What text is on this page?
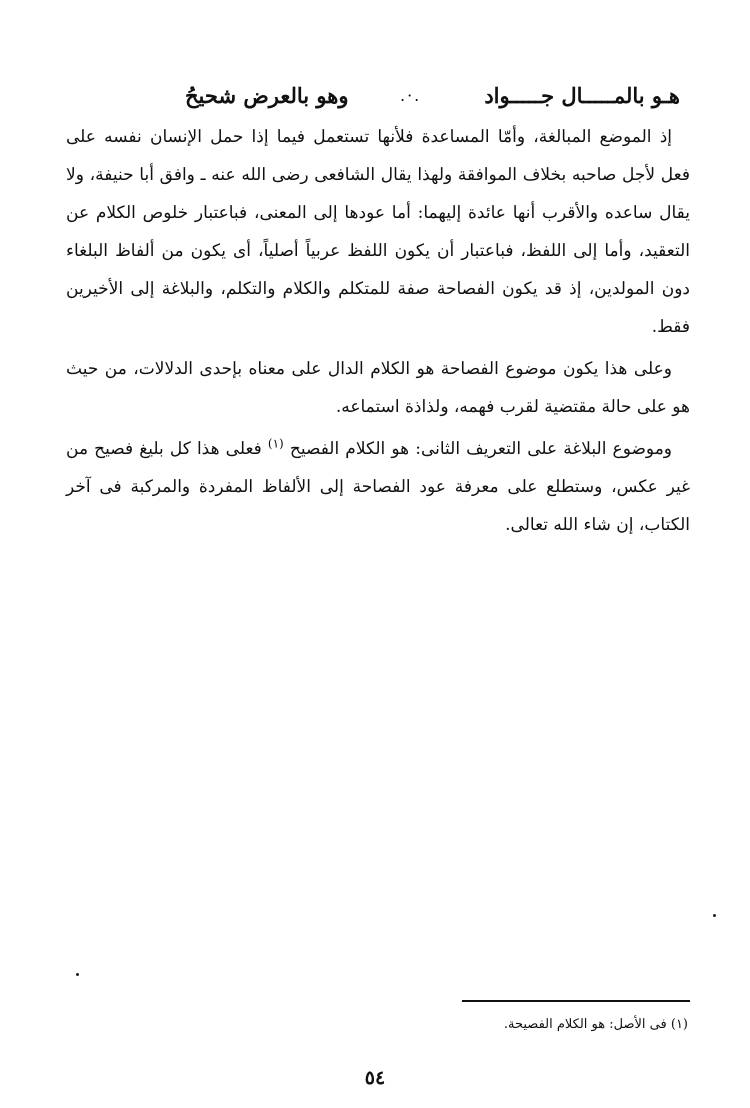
هـو بالمـــــال جـــــواد
.·.
وهو بالعرض شحيحُ

إذ الموضع المبالغة، وأمّا المساعدة فلأنها تستعمل فيما إذا حمل الإنسان نفسه على فعل لأجل صاحبه بخلاف الموافقة ولهذا يقال الشافعى رضى الله عنه ـ وافق أبا حنيفة، ولا يقال ساعده والأقرب أنها عائدة إليهما: أما عودها إلى المعنى، فباعتبار خلوص الكلام عن التعقيد، وأما إلى اللفظ، فباعتبار أن يكون اللفظ عربياً أصلياً، أى يكون من ألفاظ البلغاء دون المولدين، إذ قد يكون الفصاحة صفة للمتكلم والكلام والتكلم، والبلاغة إلى الأخيرين فقط.

وعلى هذا يكون موضوع الفصاحة هو الكلام الدال على معناه بإحدى الدلالات، من حيث هو على حالة مقتضية لقرب فهمه، ولذاذة استماعه.

وموضوع البلاغة على التعريف الثانى: هو الكلام الفصيح $^{(١)}$ فعلى هذا كل بليغ فصيح من غير عكس، وستطلع على معرفة عود الفصاحة إلى الألفاظ المفردة والمركبة فى آخر الكتاب، إن شاء الله تعالى.

(١) فى الأصل: هو الكلام الفصيحة.
٥٤
